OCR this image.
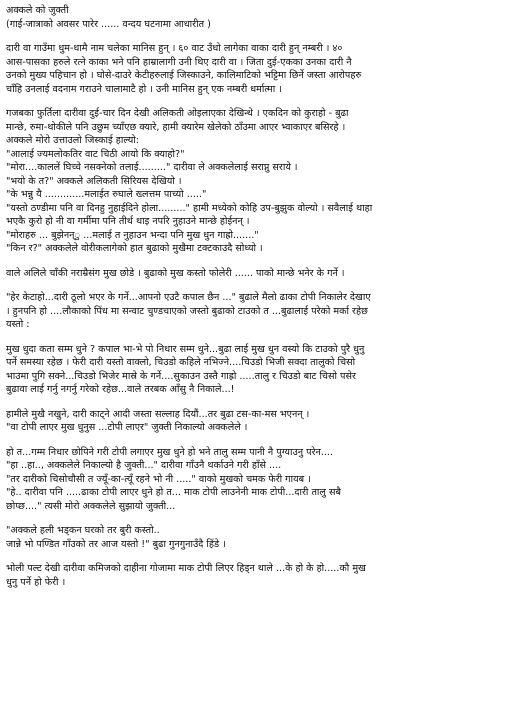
अक्कले को जुक्ती
(गाई-जात्राको अवसर पारेर ...... वन्दय घटनामा आधारीत )
दारी वा गाउँमा धुम-धामै नाम चलेका मानिस हुन् । ६० वाट उँधो लागेका वाका दारी हुन् नम्बरी । ४०
आस-पासका हरुले रत्ने काका भने पनि हाम्रालागी उनी थिए दारी वा । जिता दुई-एकका उनका दारी नै
उनको मुख्य पहिचान हो । घोसे-दाउरे केटीहरुलाई जिस्काउने, कालिमाटिको भट्टिमा छिर्ने जस्ता आरोपहरु
चाँहि उनलाई वदनाम गराउने चालामाटै हो । उनी मानिस हुन् एक नम्बरी धर्मात्मा ।
गजबका फुर्तिला दारीवा दुई-चार दिन देखी अलिकती ओइलाएका देखिन्थे । एकदिन को कुराहो - बुढा
मान्छे, रुमा-थोकीले पनि उछुम च्याँएछ क्यारे, हामी क्यारेम खेलेको ठाँउमा आएर भ्वाकाएर बसिरहे ।
अक्कले मोरो उत्ताउलो जिस्काई हाल्यो:
"आलाई ज्यमलोकतिर वाट चिठी आयो कि क्याहो?"
"मोरा....काललें घिच्चे नसक्ने‌को तलाई........." दारीवा ले अक्कलेलाई सराप्नु सराये ।
"भयो के त?" अक्कले अलिकती सिरियस देखियो ।
"के भन्नु यै .............मलाईत रुघाले ख्लत्तम पाच्यो ....."
"यस्तो ठण्डीमा पनि वा दिनहु नुहाईदिने होला........." हामी मध्येको कोहि उप-बुझुक वोल्यो । सवैलाई थाहा
भएकै कुरो हो नी वा गर्मीमा पनि तीर्थ थाइ नपरि नुहाउने मान्छे होईनन् ।
"मोराहरु ... बुझेनन्ु ...मलाई त नुहाउन भन्दा पनि मुख धुन गाह्रो......."
"किन र?" अक्कलेले वोरीकलागेको हात बुढाको मुखैमा टक्टकाउदै सोध्यो ।
वाले अलिले चाँकी नराम्रैसंग मुख छोडे । बुढाको मुख कस्तो फोलेरी ...... पाको मान्छे भनेर के गर्ने ।
"हेर केटाहो...दारी ठूलो भएर के गर्ने...आपनो एउटै कपाल छैन ..." बुढाले मैलो ढाका टोपी निकालेर देखाए
। हुनपनि हो ....लौकाको पिंध मा सन्वाट चुण्डचाएको जस्तो बुढाको टाउको त ...बुढालाई परेको मर्का रहेछ
यस्तो :
मुख धुदा कता सम्म धुने ? कपाल भा-भे पो निधार सम्म धुने...बुढा लाई मुख धुन वस्यो कि टाउको पुरै धुनु
पर्ने समस्या रहेछ । फेरी दारी यस्तो वाक्लो, चिउडो कहिले नभिज्ने....चिउडो भिजी सक्दा तालुको चिसो
भाउमा पुगि सक्ने...चिउडो भिजेर मास्रे के गर्ने....सुकाउन उस्तै गाह्रो .....तालु र चिउडो बाट चिसो पसेर
बुढावा लाई गर्नु नगर्नु गरेको रहेछ...वाले तरबक आँसु नै निकाले...!
हामीले मुखै नखुने, दारी काट्ने आदी जस्ता सल्लाह दियौं...तर बुढा टस-का-मस भएनन् ।
"वा टोपी लाएर मुख धुनुस ...टोपी लाएर" जुक्ती निकाल्यो अक्कलेले ।
हो त...गम्म निधार छोपिने गरी टोपी लगाएर मुख धुने हो भने तालु सम्म पानी नै पुग्याउनु परेन....
"हा ..हा.., अक्कलेले निकाल्यो है जुक्ती..." दारीवा गाँउनै थर्काउने गरी हाँसे ....
"तर दारीको चिसोचौसी त ज्यूँ-का-त्यूँ रहने भो नी ....." वाको मुखको चमक फेरी गायब ।
"हे.. दारीवा पनि .....ढाका टोपी लाएर धुने हो त... माक टोपी लाउनेनी माक टोपी...दारी तालु सबै
छोप्छ...." त्यसी मोरो अक्कलेले सुझायो जुक्ती...
"अक्कले हली भड्कन घरको तर बुरी कस्तो..
जान्ने भो पण्डित गाँउको तर आज यस्तो !" बुढा गुनगुनाउँदै हिंडे ।
भोली पल्ट देखी दारीवा कमिजको दाहीना गोजामा माक टोपी लिएर हिड्न थाले ...के हो के हो.....कौ मुख
धुनु पर्ने हो फेरी ।
